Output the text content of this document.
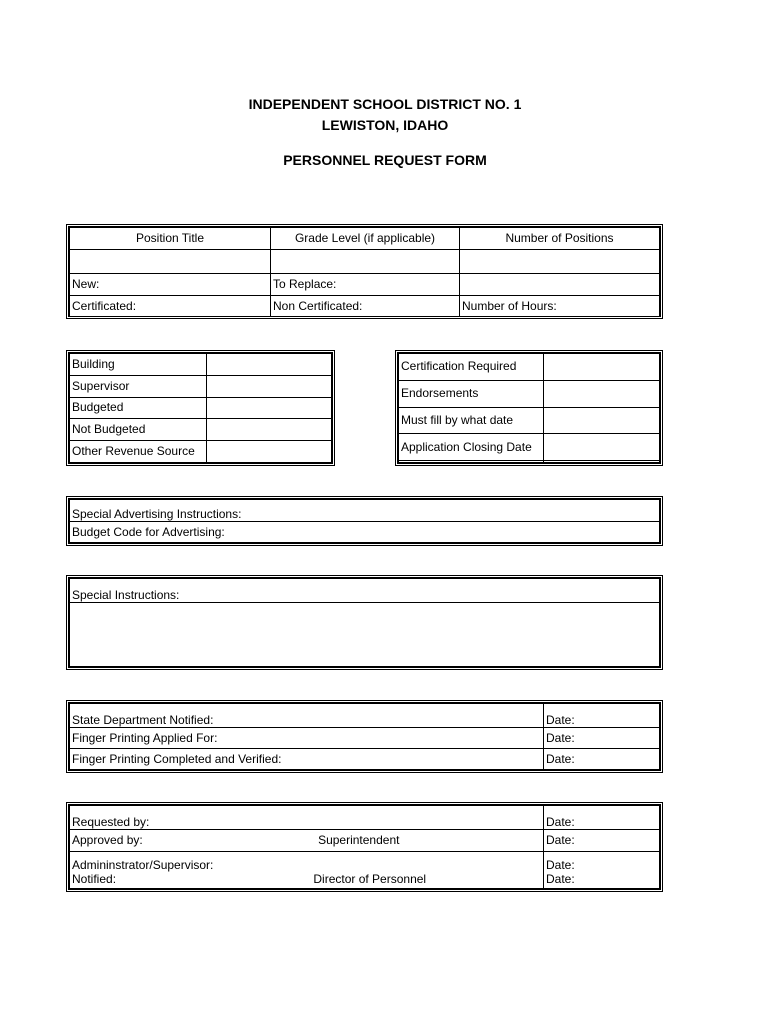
INDEPENDENT SCHOOL DISTRICT NO. 1
LEWISTON, IDAHO
PERSONNEL REQUEST FORM
Position Title	Grade Level (if applicable)	Number of Positions

New:	To Replace:	
Certificated:	Non Certificated:	Number of Hours:
Building	
Supervisor	
Budgeted	
Not Budgeted	
Other Revenue Source	
Certification Required	
Endorsements	
Must fill by what date	
Application Closing Date	

Special Advertising Instructions:
Budget Code for Advertising:
Special Instructions:

State Department Notified:	Date:
Finger Printing Applied For:	Date:
Finger Printing Completed and Verified:	Date:
Requested by:	Date:
Approved by: Superintendent	Date:
Admininstrator/Supervisor:	Date:
Notified: Director of Personnel	Date:
